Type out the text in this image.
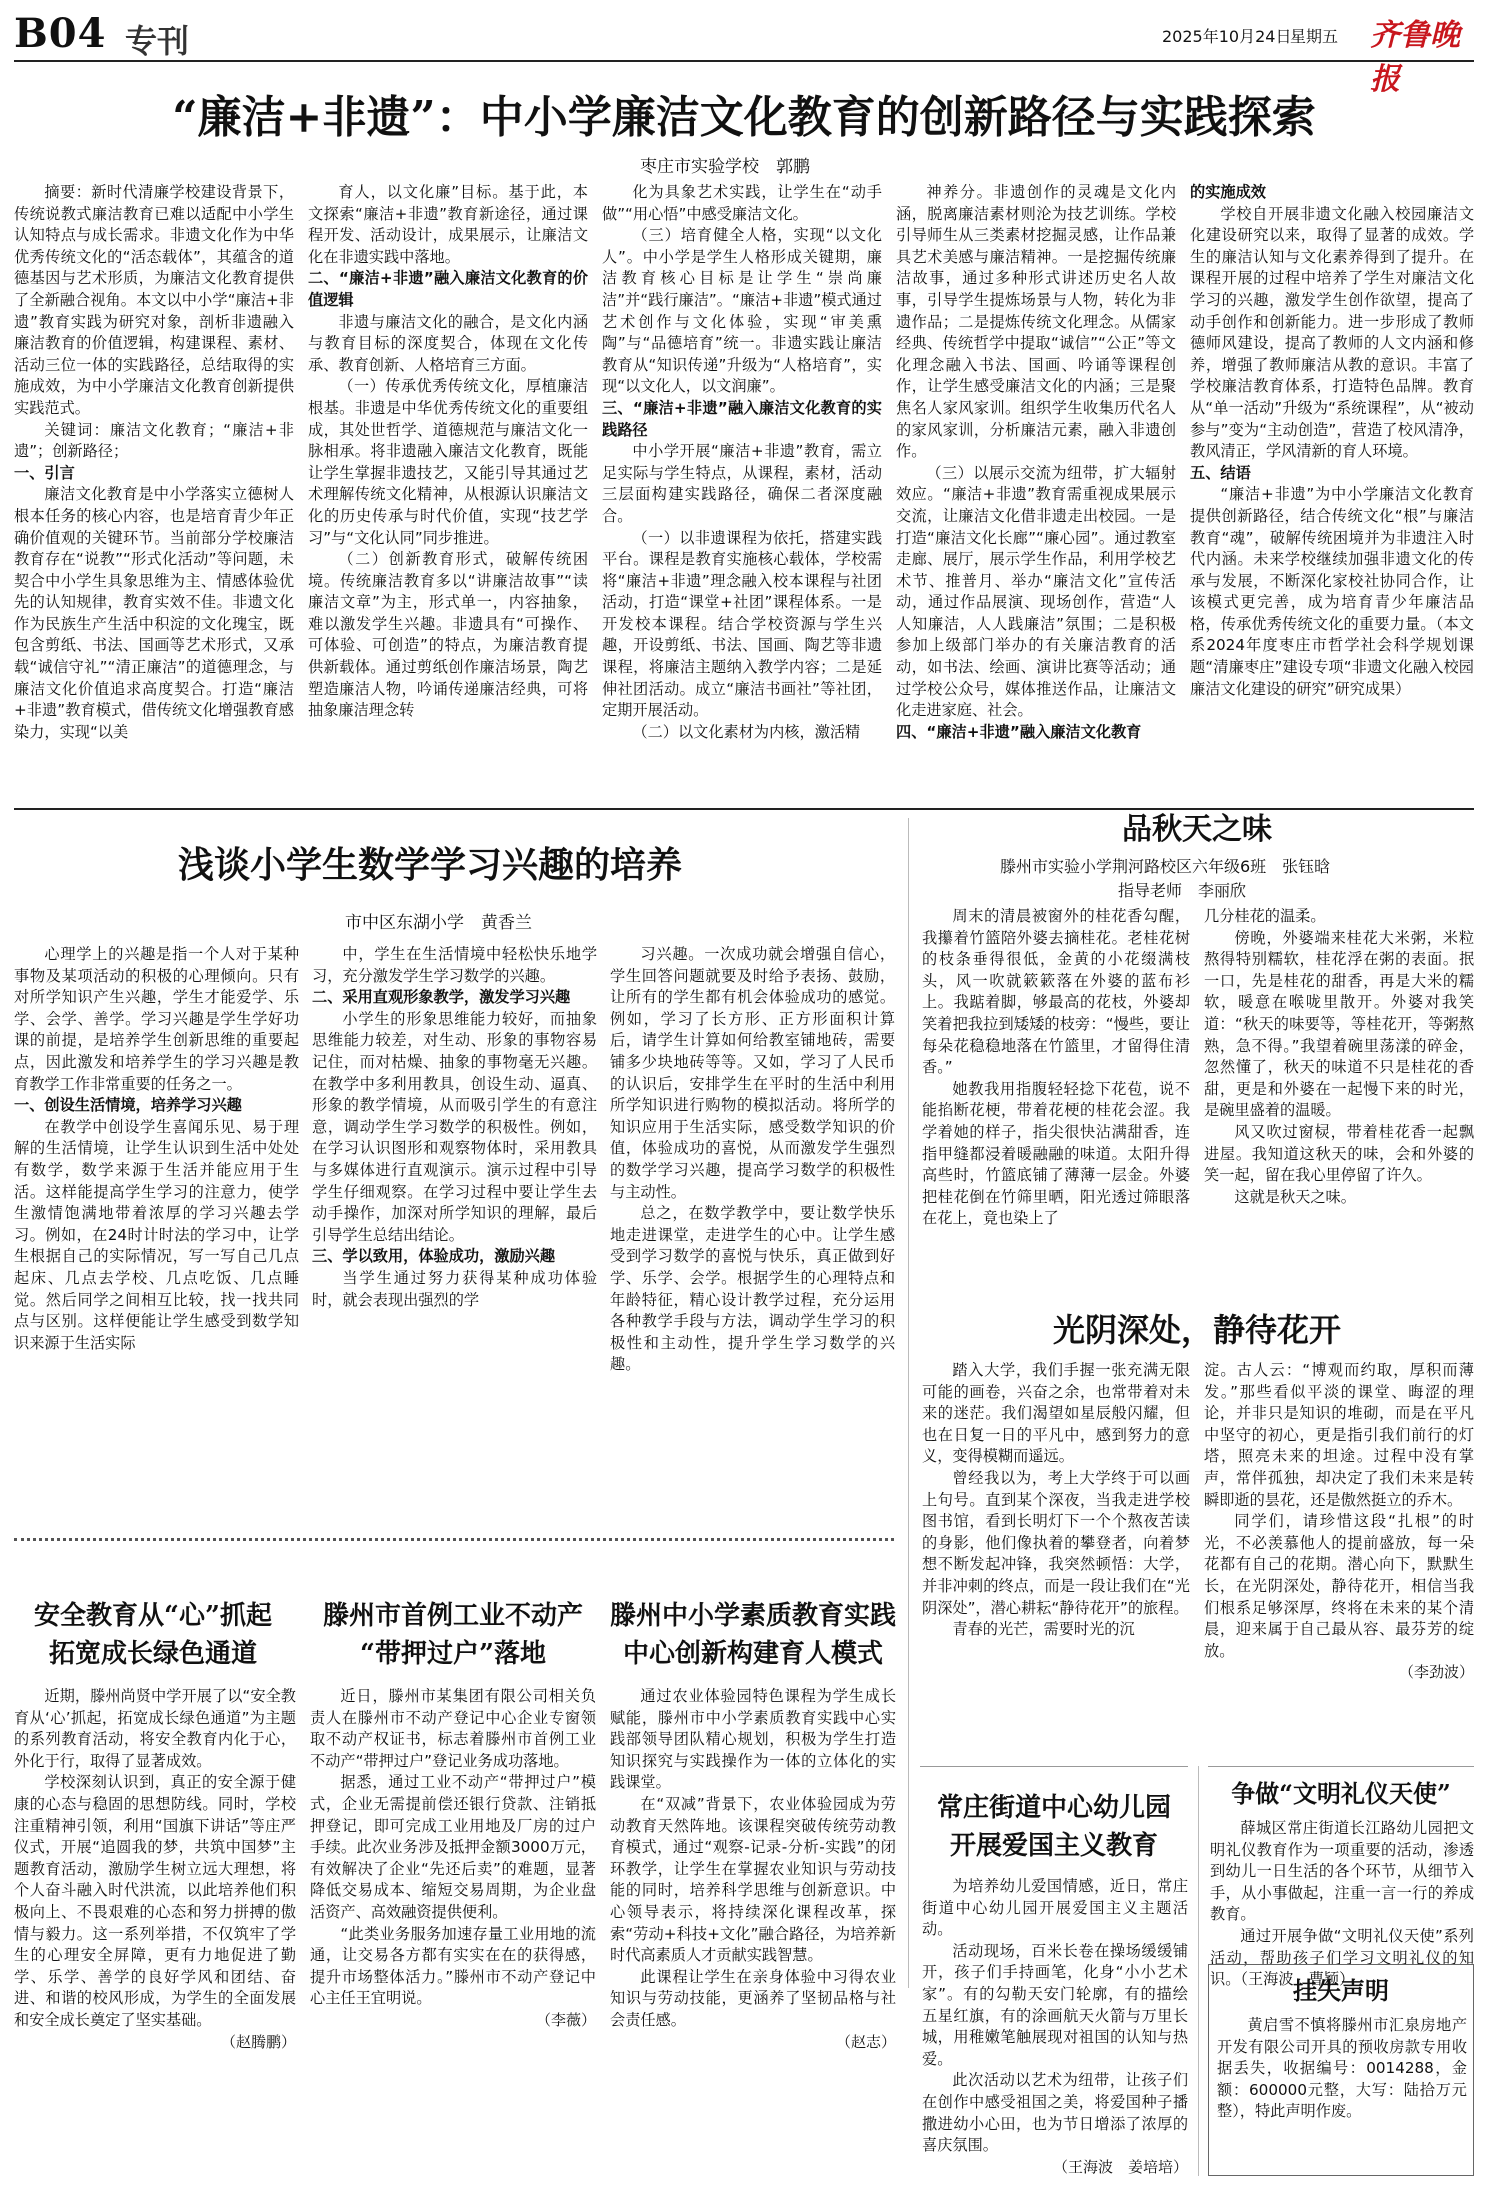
B04 专刊	2025年10月24日
星期五 齐鲁晚报
“廉洁+非遗”：中小学廉洁文化教育的创新路径与实践探索
枣庄市实验学校　郭鹏

摘要：新时代清廉学校建设背景下，传统说教式廉洁教育已难以适配中小学生认知特点与成长需求。非遗文化作为中华优秀传统文化的“活态载体”，其蕴含的道德基因与艺术形质，为廉洁文化教育提供了全新融合视角。本文以中小学“廉洁+非遗”教育实践为研究对象，剖析非遗融入廉洁教育的价值逻辑，构建课程、素材、活动三位一体的实践路径，总结取得的实施成效，为中小学廉洁文化教育创新提供实践范式。

关键词：廉洁文化教育；“廉洁+非遗”；创新路径；

一、引言

廉洁文化教育是中小学落实立德树人根本任务的核心内容，也是培育青少年正确价值观的关键环节。当前部分学校廉洁教育存在“说教”“形式化活动”等问题，未契合中小学生具象思维为主、情感体验优先的认知规律，教育实效不佳。非遗文化作为民族生产生活中积淀的文化瑰宝，既包含剪纸、书法、国画等艺术形式，又承载“诚信守礼”“清正廉洁”的道德理念，与廉洁文化价值追求高度契合。打造“廉洁+非遗”教育模式，借传统文化增强教育感染力，实现“以美

育人，以文化廉”目标。基于此，本文探索“廉洁+非遗”教育新途径，通过课程开发、活动设计，成果展示，让廉洁文化在非遗实践中落地。

二、“廉洁+非遗”融入廉洁文化教育的价值逻辑

非遗与廉洁文化的融合，是文化内涵与教育目标的深度契合，体现在文化传承、教育创新、人格培育三方面。

（一）传承优秀传统文化，厚植廉洁根基。非遗是中华优秀传统文化的重要组成，其处世哲学、道德规范与廉洁文化一脉相承。将非遗融入廉洁文化教育，既能让学生掌握非遗技艺，又能引导其通过艺术理解传统文化精神，从根源认识廉洁文化的历史传承与时代价值，实现“技艺学习”与“文化认同”同步推进。

（二）创新教育形式，破解传统困境。传统廉洁教育多以“讲廉洁故事”“读廉洁文章”为主，形式单一，内容抽象，难以激发学生兴趣。非遗具有“可操作、可体验、可创造”的特点，为廉洁教育提供新载体。通过剪纸创作廉洁场景，陶艺塑造廉洁人物，吟诵传递廉洁经典，可将抽象廉洁理念转

化为具象艺术实践，让学生在“动手做”“用心悟”中感受廉洁文化。

（三）培育健全人格，实现“以文化人”。中小学是学生人格形成关键期，廉洁教育核心目标是让学生“崇尚廉洁”并“践行廉洁”。“廉洁+非遗”模式通过艺术创作与文化体验，实现“审美熏陶”与“品德培育”统一。非遗实践让廉洁教育从“知识传递”升级为“人格培育”，实现“以文化人，以文润廉”。

三、“廉洁+非遗”融入廉洁文化教育的实践路径

中小学开展“廉洁+非遗”教育，需立足实际与学生特点，从课程，素材，活动三层面构建实践路径，确保二者深度融合。

（一）以非遗课程为依托，搭建实践平台。课程是教育实施核心载体，学校需将“廉洁+非遗”理念融入校本课程与社团活动，打造“课堂+社团”课程体系。一是开发校本课程。结合学校资源与学生兴趣，开设剪纸、书法、国画、陶艺等非遗课程，将廉洁主题纳入教学内容；二是延伸社团活动。成立“廉洁书画社”等社团，定期开展活动。

（二）以文化素材为内核，激活精

神养分。非遗创作的灵魂是文化内涵，脱离廉洁素材则沦为技艺训练。学校引导师生从三类素材挖掘灵感，让作品兼具艺术美感与廉洁精神。一是挖掘传统廉洁故事，通过多种形式讲述历史名人故事，引导学生提炼场景与人物，转化为非遗作品；二是提炼传统文化理念。从儒家经典、传统哲学中提取“诚信”“公正”等文化理念融入书法、国画、吟诵等课程创作，让学生感受廉洁文化的内涵；三是聚焦名人家风家训。组织学生收集历代名人的家风家训，分析廉洁元素，融入非遗创作。

（三）以展示交流为纽带，扩大辐射效应。“廉洁+非遗”教育需重视成果展示交流，让廉洁文化借非遗走出校园。一是打造“廉洁文化长廊”“廉心园”。通过教室走廊、展厅，展示学生作品，利用学校艺术节、推普月、举办“廉洁文化”宣传活动，通过作品展演、现场创作，营造“人人知廉洁，人人践廉洁”氛围；二是积极参加上级部门举办的有关廉洁教育的活动，如书法、绘画、演讲比赛等活动；通过学校公众号，媒体推送作品，让廉洁文化走进家庭、社会。

四、“廉洁+非遗”融入廉洁文化教育

的实施成效

学校自开展非遗文化融入校园廉洁文化建设研究以来，取得了显著的成效。学生的廉洁认知与文化素养得到了提升。在课程开展的过程中培养了学生对廉洁文化学习的兴趣，激发学生创作欲望，提高了动手创作和创新能力。进一步形成了教师德师风建设，提高了教师的人文内涵和修养，增强了教师廉洁从教的意识。丰富了学校廉洁教育体系，打造特色品牌。教育从“单一活动”升级为“系统课程”，从“被动参与”变为“主动创造”，营造了校风清净，教风清正，学风清新的育人环境。

五、结语

“廉洁+非遗”为中小学廉洁文化教育提供创新路径，结合传统文化“根”与廉洁教育“魂”，破解传统困境并为非遗注入时代内涵。未来学校继续加强非遗文化的传承与发展，不断深化家校社协同合作，让该模式更完善，成为培育青少年廉洁品格，传承优秀传统文化的重要力量。（本文系2024年度枣庄市哲学社会科学规划课题“清廉枣庄”建设专项“非遗文化融入校园廉洁文化建设的研究”研究成果）

浅谈小学生数学学习兴趣的培养
市中区东湖小学　黄香兰

心理学上的兴趣是指一个人对于某种事物及某项活动的积极的心理倾向。只有对所学知识产生兴趣，学生才能爱学、乐学、会学、善学。学习兴趣是学生学好功课的前提，是培养学生创新思维的重要起点，因此激发和培养学生的学习兴趣是教育教学工作非常重要的任务之一。

一、创设生活情境，培养学习兴趣

在教学中创设学生喜闻乐见、易于理解的生活情境，让学生认识到生活中处处有数学，数学来源于生活并能应用于生活。这样能提高学生学习的注意力，使学生激情饱满地带着浓厚的学习兴趣去学习。例如，在24时计时法的学习中，让学生根据自己的实际情况，写一写自己几点起床、几点去学校、几点吃饭、几点睡觉。然后同学之间相互比较，找一找共同点与区别。这样便能让学生感受到数学知识来源于生活实际

中，学生在生活情境中轻松快乐地学习，充分激发学生学习数学的兴趣。

二、采用直观形象教学，激发学习兴趣

小学生的形象思维能力较好，而抽象思维能力较差，对生动、形象的事物容易记住，而对枯燥、抽象的事物毫无兴趣。在教学中多利用教具，创设生动、逼真、形象的教学情境，从而吸引学生的有意注意，调动学生学习数学的积极性。例如，在学习认识图形和观察物体时，采用教具与多媒体进行直观演示。演示过程中引导学生仔细观察。在学习过程中要让学生去动手操作，加深对所学知识的理解，最后引导学生总结出结论。

三、学以致用，体验成功，激励兴趣

当学生通过努力获得某种成功体验时，就会表现出强烈的学

习兴趣。一次成功就会增强自信心，学生回答问题就要及时给予表扬、鼓励，让所有的学生都有机会体验成功的感觉。例如，学习了长方形、正方形面积计算后，请学生计算如何给教室铺地砖，需要铺多少块地砖等等。又如，学习了人民币的认识后，安排学生在平时的生活中利用所学知识进行购物的模拟活动。将所学的知识应用于生活实际，感受数学知识的价值，体验成功的喜悦，从而激发学生强烈的数学学习兴趣，提高学习数学的积极性与主动性。

总之，在数学教学中，要让数学快乐地走进课堂，走进学生的心中。让学生感受到学习数学的喜悦与快乐，真正做到好学、乐学、会学。根据学生的心理特点和年龄特征，精心设计教学过程，充分运用各种教学手段与方法，调动学生学习的积极性和主动性，提升学生学习数学的兴趣。

品秋天之味
滕州市实验小学荆河路校区六年级6班　张钰晗
指导老师　李丽欣

周末的清晨被窗外的桂花香勾醒，我攥着竹篮陪外婆去摘桂花。老桂花树的枝条垂得很低，金黄的小花缀满枝头，风一吹就簌簌落在外婆的蓝布衫上。我踮着脚，够最高的花枝，外婆却笑着把我拉到矮矮的枝旁：“慢些，要让每朵花稳稳地落在竹篮里，才留得住清香。”

她教我用指腹轻轻捻下花苞，说不能掐断花梗，带着花梗的桂花会涩。我学着她的样子，指尖很快沾满甜香，连指甲缝都浸着暖融融的味道。太阳升得高些时，竹篮底铺了薄薄一层金。外婆把桂花倒在竹筛里晒，阳光透过筛眼落在花上，竟也染上了

几分桂花的温柔。

傍晚，外婆端来桂花大米粥，米粒熬得特别糯软，桂花浮在粥的表面。抿一口，先是桂花的甜香，再是大米的糯软，暖意在喉咙里散开。外婆对我笑道：“秋天的味要等，等桂花开，等粥熬熟，急不得。”我望着碗里荡漾的碎金，忽然懂了，秋天的味道不只是桂花的香甜，更是和外婆在一起慢下来的时光，是碗里盛着的温暖。

风又吹过窗棂，带着桂花香一起飘进屋。我知道这秋天的味，会和外婆的笑一起，留在我心里停留了许久。

这就是秋天之味。

光阴深处，静待花开

踏入大学，我们手握一张充满无限可能的画卷，兴奋之余，也常带着对未来的迷茫。我们渴望如星辰般闪耀，但也在日复一日的平凡中，感到努力的意义，变得模糊而遥远。

曾经我以为，考上大学终于可以画上句号。直到某个深夜，当我走进学校图书馆，看到长明灯下一个个熬夜苦读的身影，他们像执着的攀登者，向着梦想不断发起冲锋，我突然顿悟：大学，并非冲刺的终点，而是一段让我们在“光阴深处”，潜心耕耘“静待花开”的旅程。

青春的光芒，需要时光的沉

淀。古人云：“博观而约取，厚积而薄发。”那些看似平淡的课堂、晦涩的理论，并非只是知识的堆砌，而是在平凡中坚守的初心，更是指引我们前行的灯塔，照亮未来的坦途。过程中没有掌声，常伴孤独，却决定了我们未来是转瞬即逝的昙花，还是傲然挺立的乔木。

同学们，请珍惜这段“扎根”的时光，不必羡慕他人的提前盛放，每一朵花都有自己的花期。潜心向下，默默生长，在光阴深处，静待花开，相信当我们根系足够深厚，终将在未来的某个清晨，迎来属于自己最从容、最芬芳的绽放。

（李劲波）

安全教育从“心”抓起
拓宽成长绿色通道

近期，滕州尚贤中学开展了以“安全教育从‘心’抓起，拓宽成长绿色通道”为主题的系列教育活动，将安全教育内化于心，外化于行，取得了显著成效。

学校深刻认识到，真正的安全源于健康的心态与稳固的思想防线。同时，学校注重精神引领，利用“国旗下讲话”等庄严仪式，开展“追圆我的梦，共筑中国梦”主题教育活动，激励学生树立远大理想，将个人奋斗融入时代洪流，以此培养他们积极向上、不畏艰难的心态和努力拼搏的傲情与毅力。这一系列举措，不仅筑牢了学生的心理安全屏障，更有力地促进了勤学、乐学、善学的良好学风和团结、奋进、和谐的校风形成，为学生的全面发展和安全成长奠定了坚实基础。

（赵腾鹏）

滕州市首例工业不动产
“带押过户”落地

近日，滕州市某集团有限公司相关负责人在滕州市不动产登记中心企业专窗领取不动产权证书，标志着滕州市首例工业不动产“带押过户”登记业务成功落地。

据悉，通过工业不动产“带押过户”模式，企业无需提前偿还银行贷款、注销抵押登记，即可完成工业用地及厂房的过户手续。此次业务涉及抵押金额3000万元，有效解决了企业“先还后卖”的难题，显著降低交易成本、缩短交易周期，为企业盘活资产、高效融资提供便利。

“此类业务服务加速存量工业用地的流通，让交易各方都有实实在在的获得感，提升市场整体活力。”滕州市不动产登记中心主任王宜明说。

（李薇）

滕州中小学素质教育实践
中心创新构建育人模式

通过农业体验园特色课程为学生成长赋能，滕州市中小学素质教育实践中心实践部领导团队精心规划，积极为学生打造知识探究与实践操作为一体的立体化的实践课堂。

在“双减”背景下，农业体验园成为劳动教育天然阵地。该课程突破传统劳动教育模式，通过“观察-记录-分析-实践”的闭环教学，让学生在掌握农业知识与劳动技能的同时，培养科学思维与创新意识。中心领导表示，将持续深化课程改革，探索“劳动+科技+文化”融合路径，为培养新时代高素质人才贡献实践智慧。

此课程让学生在亲身体验中习得农业知识与劳动技能，更涵养了坚韧品格与社会责任感。

（赵志）

常庄街道中心幼儿园
开展爱国主义教育

为培养幼儿爱国情感，近日，常庄街道中心幼儿园开展爱国主义主题活动。

活动现场，百米长卷在操场缓缓铺开，孩子们手持画笔，化身“小小艺术家”。有的勾勒天安门轮廓，有的描绘五星红旗，有的涂画航天火箭与万里长城，用稚嫩笔触展现对祖国的认知与热爱。

此次活动以艺术为纽带，让孩子们在创作中感受祖国之美，将爱国种子播撒进幼小心田，也为节日增添了浓厚的喜庆氛围。

（王海波　姜培培）

争做“文明礼仪天使”

薛城区常庄街道长江路幼儿园把文明礼仪教育作为一项重要的活动，渗透到幼儿一日生活的各个环节，从细节入手，从小事做起，注重一言一行的养成教育。

通过开展争做“文明礼仪天使”系列活动，帮助孩子们学习文明礼仪的知识。（王海波　曹颖）

挂失声明

黄启雪不慎将滕州市汇泉房地产开发有限公司开具的预收房款专用收据丢失，收据编号：0014288，金额：600000元整，大写：陆拾万元整），特此声明作废。
